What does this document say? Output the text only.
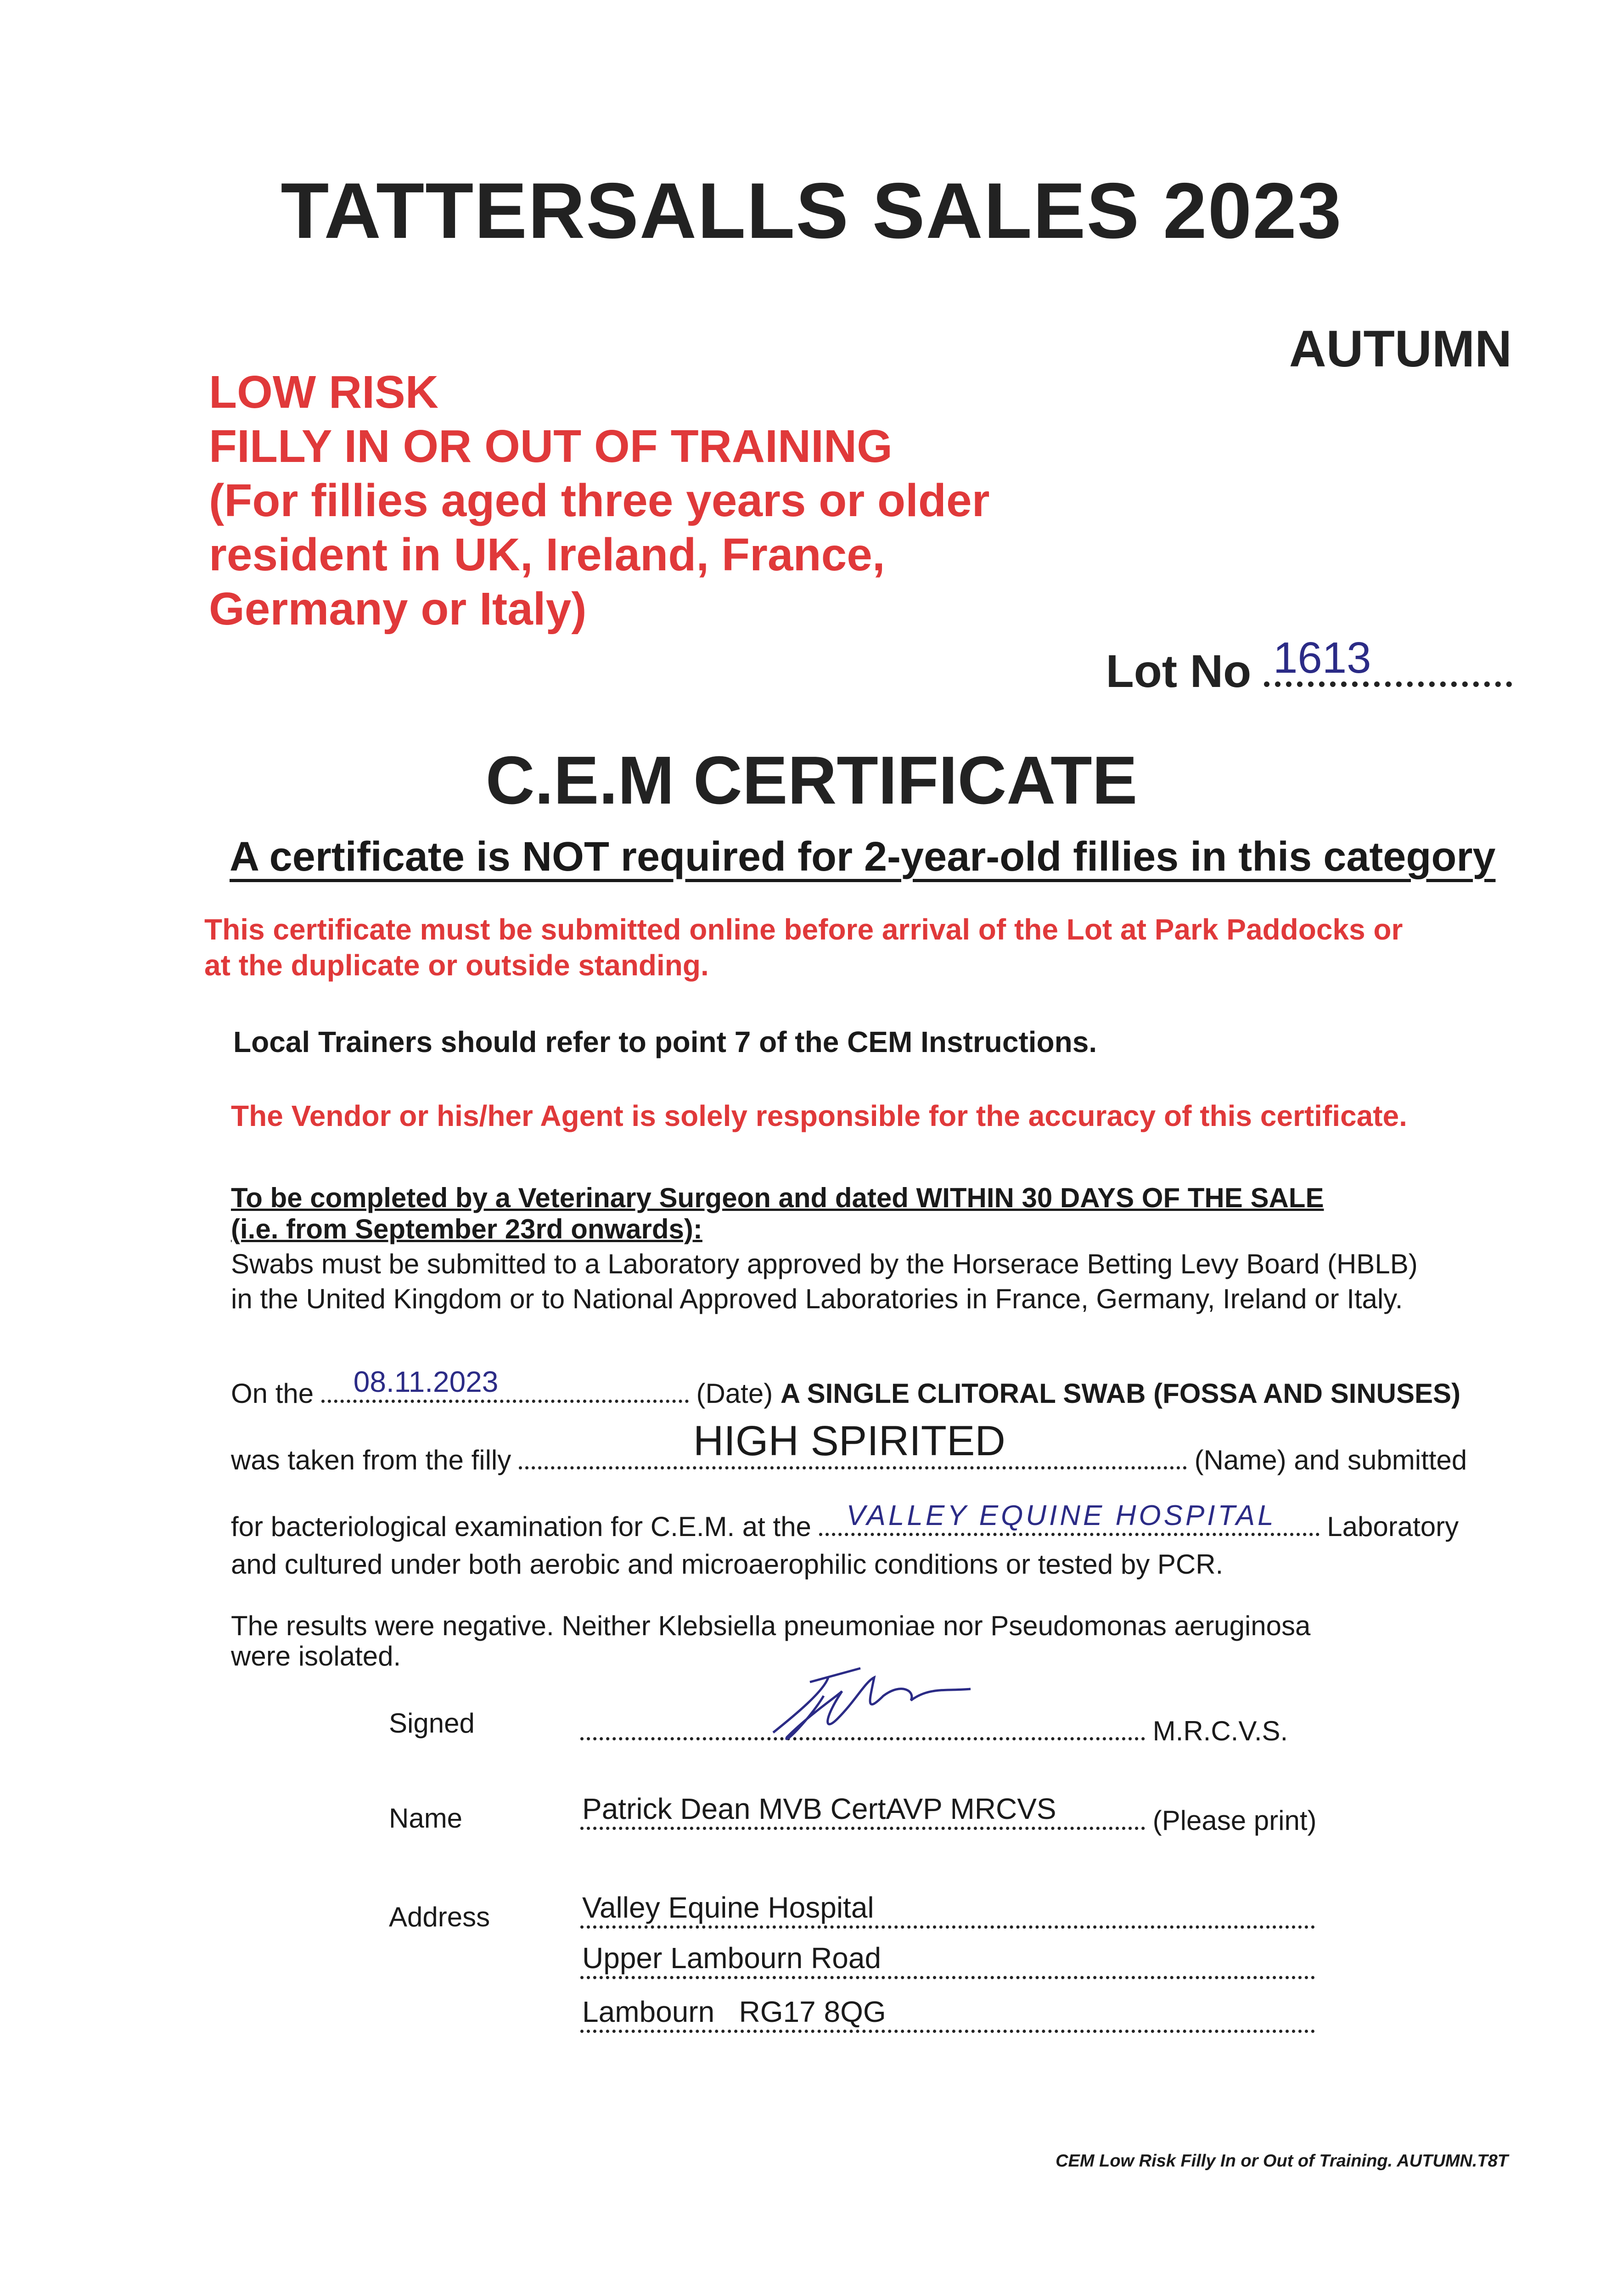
TATTERSALLS SALES 2023
AUTUMN
LOW RISK
FILLY IN OR OUT OF TRAINING
(For fillies aged three years or older
resident in UK, Ireland, France,
Germany or Italy)
Lot No 1613
C.E.M CERTIFICATE
A certificate is NOT required for 2-year-old fillies in this category
This certificate must be submitted online before arrival of the Lot at Park Paddocks or
at the duplicate or outside standing.
Local Trainers should refer to point 7 of the CEM Instructions.
The Vendor or his/her Agent is solely responsible for the accuracy of this certificate.
To be completed by a Veterinary Surgeon and dated WITHIN 30 DAYS OF THE SALE
(i.e. from September 23rd onwards):
Swabs must be submitted to a Laboratory approved by the Horserace Betting Levy Board (HBLB)
in the United Kingdom or to National Approved Laboratories in France, Germany, Ireland or Italy.
On the 08.11.2023	(Date) A SINGLE CLITORAL SWAB (FOSSA AND SINUSES)
was taken from the filly	HIGH SPIRITED	(Name) and submitted
for bacteriological examination for C.E.M. at the VALLEY EQUINE HOSPITAL Laboratory
and cultured under both aerobic and microaerophilic conditions or tested by PCR.
The results were negative. Neither Klebsiella pneumoniae nor Pseudomonas aeruginosa
were isolated.
Signed	M.R.C.V.S.
Name	Patrick Dean MVB CertAVP MRCVS	(Please print)
Address	Valley Equine Hospital
Upper Lambourn Road
Lambourn   RG17 8QG
CEM Low Risk Filly In or Out of Training. AUTUMN.T8T
